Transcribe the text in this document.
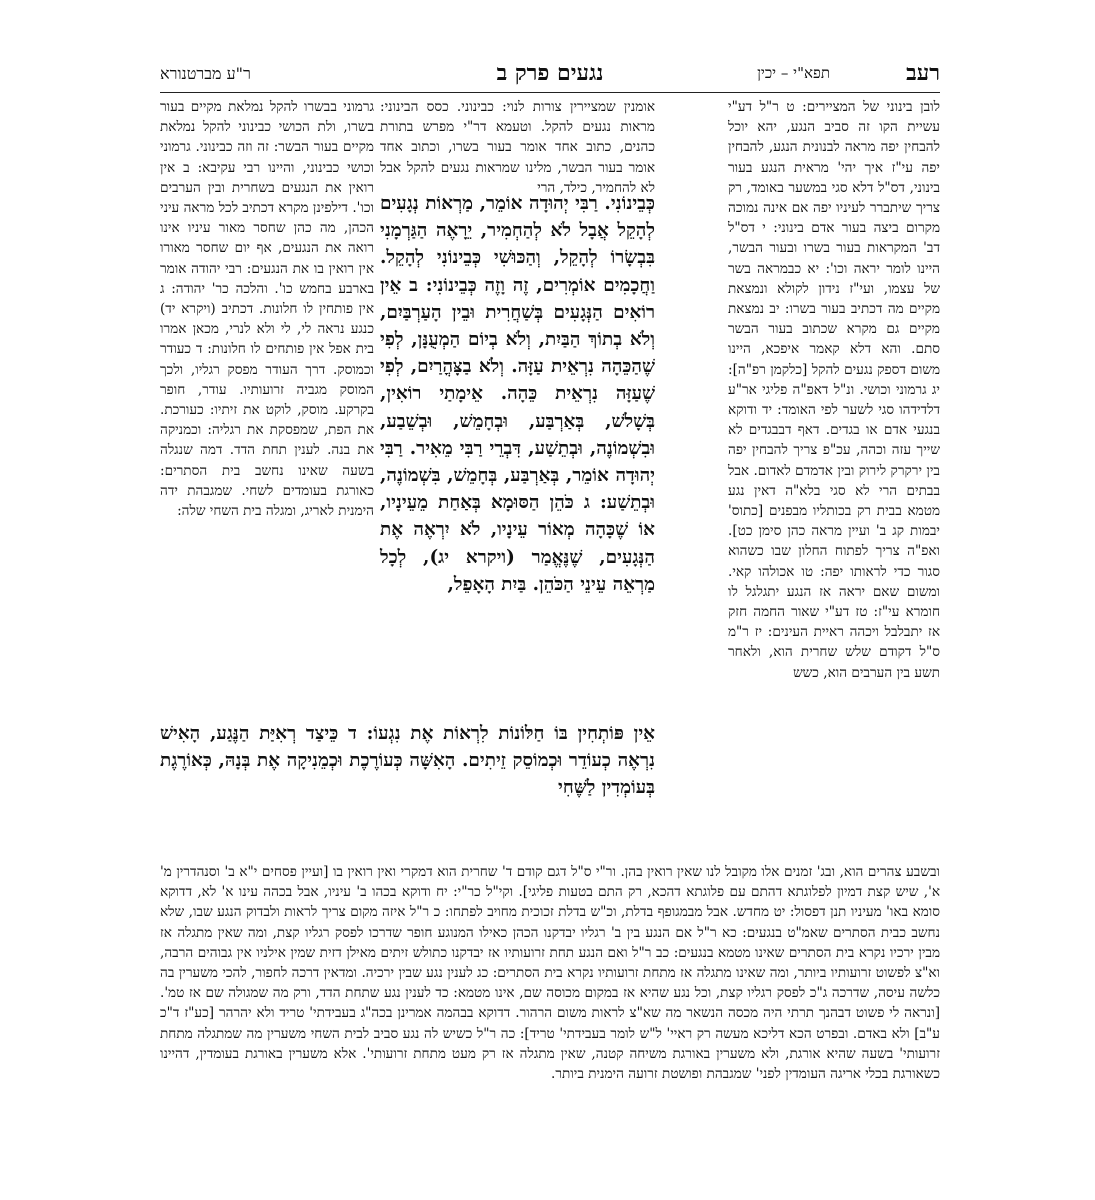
רעב
תפא"י – יכין
נגעים פרק ב
ר"ע מברטנורא

לובן בינוני של המציירים: ט ר"ל דע"י עשיית הקו זה סביב הנגע, יהא יוכל להבחין יפה מראה לבנונית הנגע, להבחין יפה עי"ז איך יהי' מראית הנגע בעור בינוני, דס"ל דלא סגי במשער באומד, רק צריך שיתברר לעיניו יפה אם אינה נמוכה מקרום ביצה בעור אדם בינוני: י דס"ל דב' המקראות בעור בשרו ובעור הבשר, היינו לומר יראה וכו': יא כבמראה בשר של עצמו, ועי"ז נידון לקולא ונמצאת מקיים מה דכתיב בעור בשרו: יב נמצאת מקיים גם מקרא שכתוב בעור הבשר סתם. והא דלא קאמר איפכא, היינו משום דספק נגעים להקל [כלקמן רפ"ה]: יג גרמוני וכושי. ונ"ל דאפ"ה פליגי אר"ע דלדידהו סגי לשער לפי האומד: יד ודוקא בנגעי אדם או בגדים. דאף דבבגדים לא שייך עזה וכהה, עכ"פ צריך להבחין יפה בין ירקרק לירוק ובין אדמדם לאדום. אבל בבתים הרי לא סגי בלא"ה דאין נגע מטמא בבית רק בכותליו מבפנים [כתוס' יבמות קג ב' ועיין מראה כהן סימן כט]. ואפ"ה צריך לפתוח החלון שבו כשהוא סגור כדי לראותו יפה: טו אכולהו קאי. ומשום שאם יראה אז הנגע יתגלגל לו חומרא עי"ז: טז דע"י שאור החמה חזק אז יתבלבל ויכהה ראיית העינים: יז ר"מ ס"ל דקודם שלש שחרית הוא, ולאחר תשע בין הערבים הוא, כשש

אומנין שמציירין צורות לנוי: כבינוני. כסס הבינוני: מראות נגעים להקל. וטעמא דר"י מפרש בתורת כהנים, כתוב אחד אומר בעור בשרו, וכתוב אחד אומר בעור הבשר, מלינו שמראות נגעים להקל אבל לא להחמיר, כילד, הרי

גרמוני בבשרו להקל נמלאת מקיים בעור בשרו, ולת הכושי כבינוני להקל נמלאת מקיים בעור הבשר: זה וזה כבינוני. גרמוני וכושי כבינוני, והיינו רבי עקיבא: ב אין רואין את הנגעים בשחרית ובין הערבים וכו'. דילפינן מקרא דכתיב לכל מראה עיני הכהן, מה כהן שחסר מאור עיניו אינו רואה את הנגעים, אף יום שחסר מאורו אין רואין בו את הנגעים: רבי יהודה אומר בארבע בחמש כו'. והלכה כר' יהודה: ג אין פותחין לו חלונות. דכתיב (ויקרא יד) כנגע נראה לי, לי ולא לנרי, מכאן אמרו בית אפל אין פותחים לו חלונות: ד כעודר וכמוסק. דרך העודר מפסק רגליו, ולכך המוסק מגביה זרועותיו. עודר, חופר בקרקע. מוסק, לוקט את זיתיו: כעורכת. את הפת, שמפסקת את רגליה: וכמניקה את בנה. לענין תחת הדד. דמה שנגלה בשעה שאינו נחשב בית הסתרים: כאורגת בעומדים לשחי. שמגבהת ידה הימנית לאריג, ומגלה בית השחי שלה:

כְּבֵינוֹנִי. רַבִּי יְהוּדָה אוֹמֵר, מַרְאוֹת נְגָעִים לְהָקֵל אֲבָל לֹא לְהַחְמִיר, יֵרָאֶה הַגַּרְמָנִי בִּבְשָׂרוֹ לְהָקֵל, וְהַכּוּשִׁי כְּבֵינוֹנִי לְהָקֵל. וַחֲכָמִים אוֹמְרִים, זֶה וָזֶה כְּבֵינוֹנִי: ב אֵין רוֹאִים הַנְּגָעִים בְּשַׁחֲרִית וּבֵין הָעַרְבַּיִם, וְלֹא בְתוֹךְ הַבַּיִת, וְלֹא בְיוֹם הַמְעֻנָּן, לְפִי שֶׁהַכֵּהָה נִרְאֵית עַזָּה. וְלֹא בַצָּהֳרַיִם, לְפִי שֶׁעַזָּה נִרְאֵית כֵּהָה. אֵימָתַי רוֹאִין, בְּשָׁלֹשׁ, בְּאַרְבַּע, וּבְחָמֵשׁ, וּבְשֵׁבַע, וּבִשְׁמוֹנֶה, וּבְתֵשַׁע, דִּבְרֵי רַבִּי מֵאִיר. רַבִּי יְהוּדָה אוֹמֵר, בְּאַרְבַּע, בְּחָמֵשׁ, בִּשְׁמוֹנֶה, וּבְתֵשַׁע: ג כֹּהֵן הַסּוּמָא בְּאַחַת מֵעֵינָיו, אוֹ שֶׁכָּהָה מְאוֹר עֵינָיו, לֹא יִרְאֶה אֶת הַנְּגָעִים, שֶׁנֶּאֱמַר (ויקרא יג), לְכָל מַרְאֵה עֵינֵי הַכֹּהֵן. בַּיִת הָאָפֵל,

אֵין פּוֹתְחִין בּוֹ חַלּוֹנוֹת לִרְאוֹת אֶת נִגְעוֹ: ד כֵּיצַד רְאִיַּת הַנֶּגַע, הָאִישׁ נִרְאֶה כְעוֹדֵר וּכְמוֹסֵק זֵיתִים. הָאִשָּׁה כְּעוֹרֶכֶת וּכְמֵנִיקָה אֶת בְּנָהּ, כְּאוֹרֶגֶת בְּעוֹמְדִין לַשֶּׁחִי

ובשבע צהרים הוא, ובג' זמנים אלו מקובל לנו שאין רואין בהן. ור"י ס"ל דגם קודם ד' שחרית הוא דמקרי ואין רואין בו [ועיין פסחים י"א ב' וסנהדרין מ' א', שיש קצת דמיון לפלוגתא דהתם עם פלוגתא דהכא, רק התם בטעות פליגי]. וקי"ל כר"י: יח ודוקא בכהו ב' עיניו, אבל בכהה עינו א' לא, דדוקא סומא באו' מעיניו תנן דפסול: יט מחדש. אבל מבמגופף בדלת, וכ"ש בדלת זכוכית מחויב לפתחו: כ ר"ל איזה מקום צריך לראות ולבדוק הנגע שבו, שלא נחשב כבית הסתרים שאמ"ט בנגעים: כא ר"ל אם הנגע בין ב' רגליו יבדקנו הכהן כאילו המנוגע חופר שדרכו לפסק רגליו קצת, ומה שאין מתגלה אז מבין ירכיו נקרא בית הסתרים שאינו מטמא בנגעים: כב ר"ל ואם הנגע תחת זרועותיו אז יבדקנו כתולש זיתים מאילן דזית שמין אילניו אין גבוהים הרבה, וא"צ לפשוט זרועותיו ביותר, ומה שאינו מתגלה אז מתחת זרועותיו נקרא בית הסתרים: כג לענין נגע שבין ירכיה. ומדאין דרכה לחפור, להכי משערין בה כלשה עיסה, שדרכה ג"כ לפסק רגליו קצת, וכל נגע שהיא אז במקום מכוסה שם, אינו מטמא: כד לענין נגע שתחת הדד, ורק מה שמגולה שם אז טמ'. [ונראה לי פשוט דבהנך תרתי היה מכסה הנשאר מה שא"צ לראות משום הרהור. דדוקא בבהמה אמרינן בכה"ג בעבידתי' טריד ולא יהרהר [כע"ז ד"כ ע"ב] ולא באדם. ובפרט הכא דליכא מעשה רק ראיי' ל"ש לומר בעבידתי' טריד]: כה ר"ל כשיש לה נגע סביב לבית השחי משערין מה שמתגלה מתחת זרועותי' בשעה שהיא אורגת, ולא משערין באורגת משיחה קטנה, שאין מתגלה אז רק מעט מתחת זרועותי'. אלא משערין באורגת בעומדין, דהיינו כשאורגת בכלי אריגה העומדין לפני' שמגבהת ופושטת זרועה הימנית ביותר.
